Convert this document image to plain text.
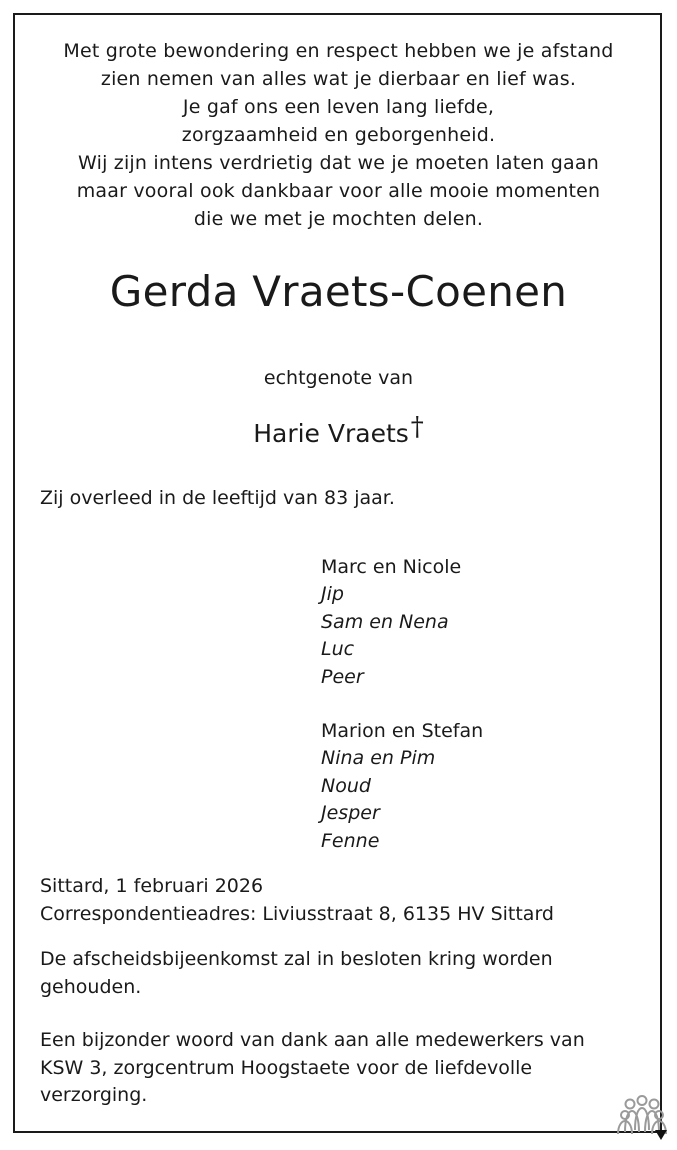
Met grote bewondering en respect hebben we je afstand
zien nemen van alles wat je dierbaar en lief was.
Je gaf ons een leven lang liefde,
zorgzaamheid en geborgenheid.
Wij zijn intens verdrietig dat we je moeten laten gaan
maar vooral ook dankbaar voor alle mooie momenten
die we met je mochten delen.
Gerda Vraets-Coenen
echtgenote van
Harie Vraets†
Zij overleed in de leeftijd van 83 jaar.
Marc en Nicole
Jip
Sam en Nena
Luc
Peer
Marion en Stefan
Nina en Pim
Noud
Jesper
Fenne
Sittard, 1 februari 2026
Correspondentieadres: Liviusstraat 8, 6135 HV Sittard
De afscheidsbijeenkomst zal in besloten kring worden gehouden.
Een bijzonder woord van dank aan alle medewerkers van KSW 3, zorgcentrum Hoogstaete voor de liefdevolle verzorging.
